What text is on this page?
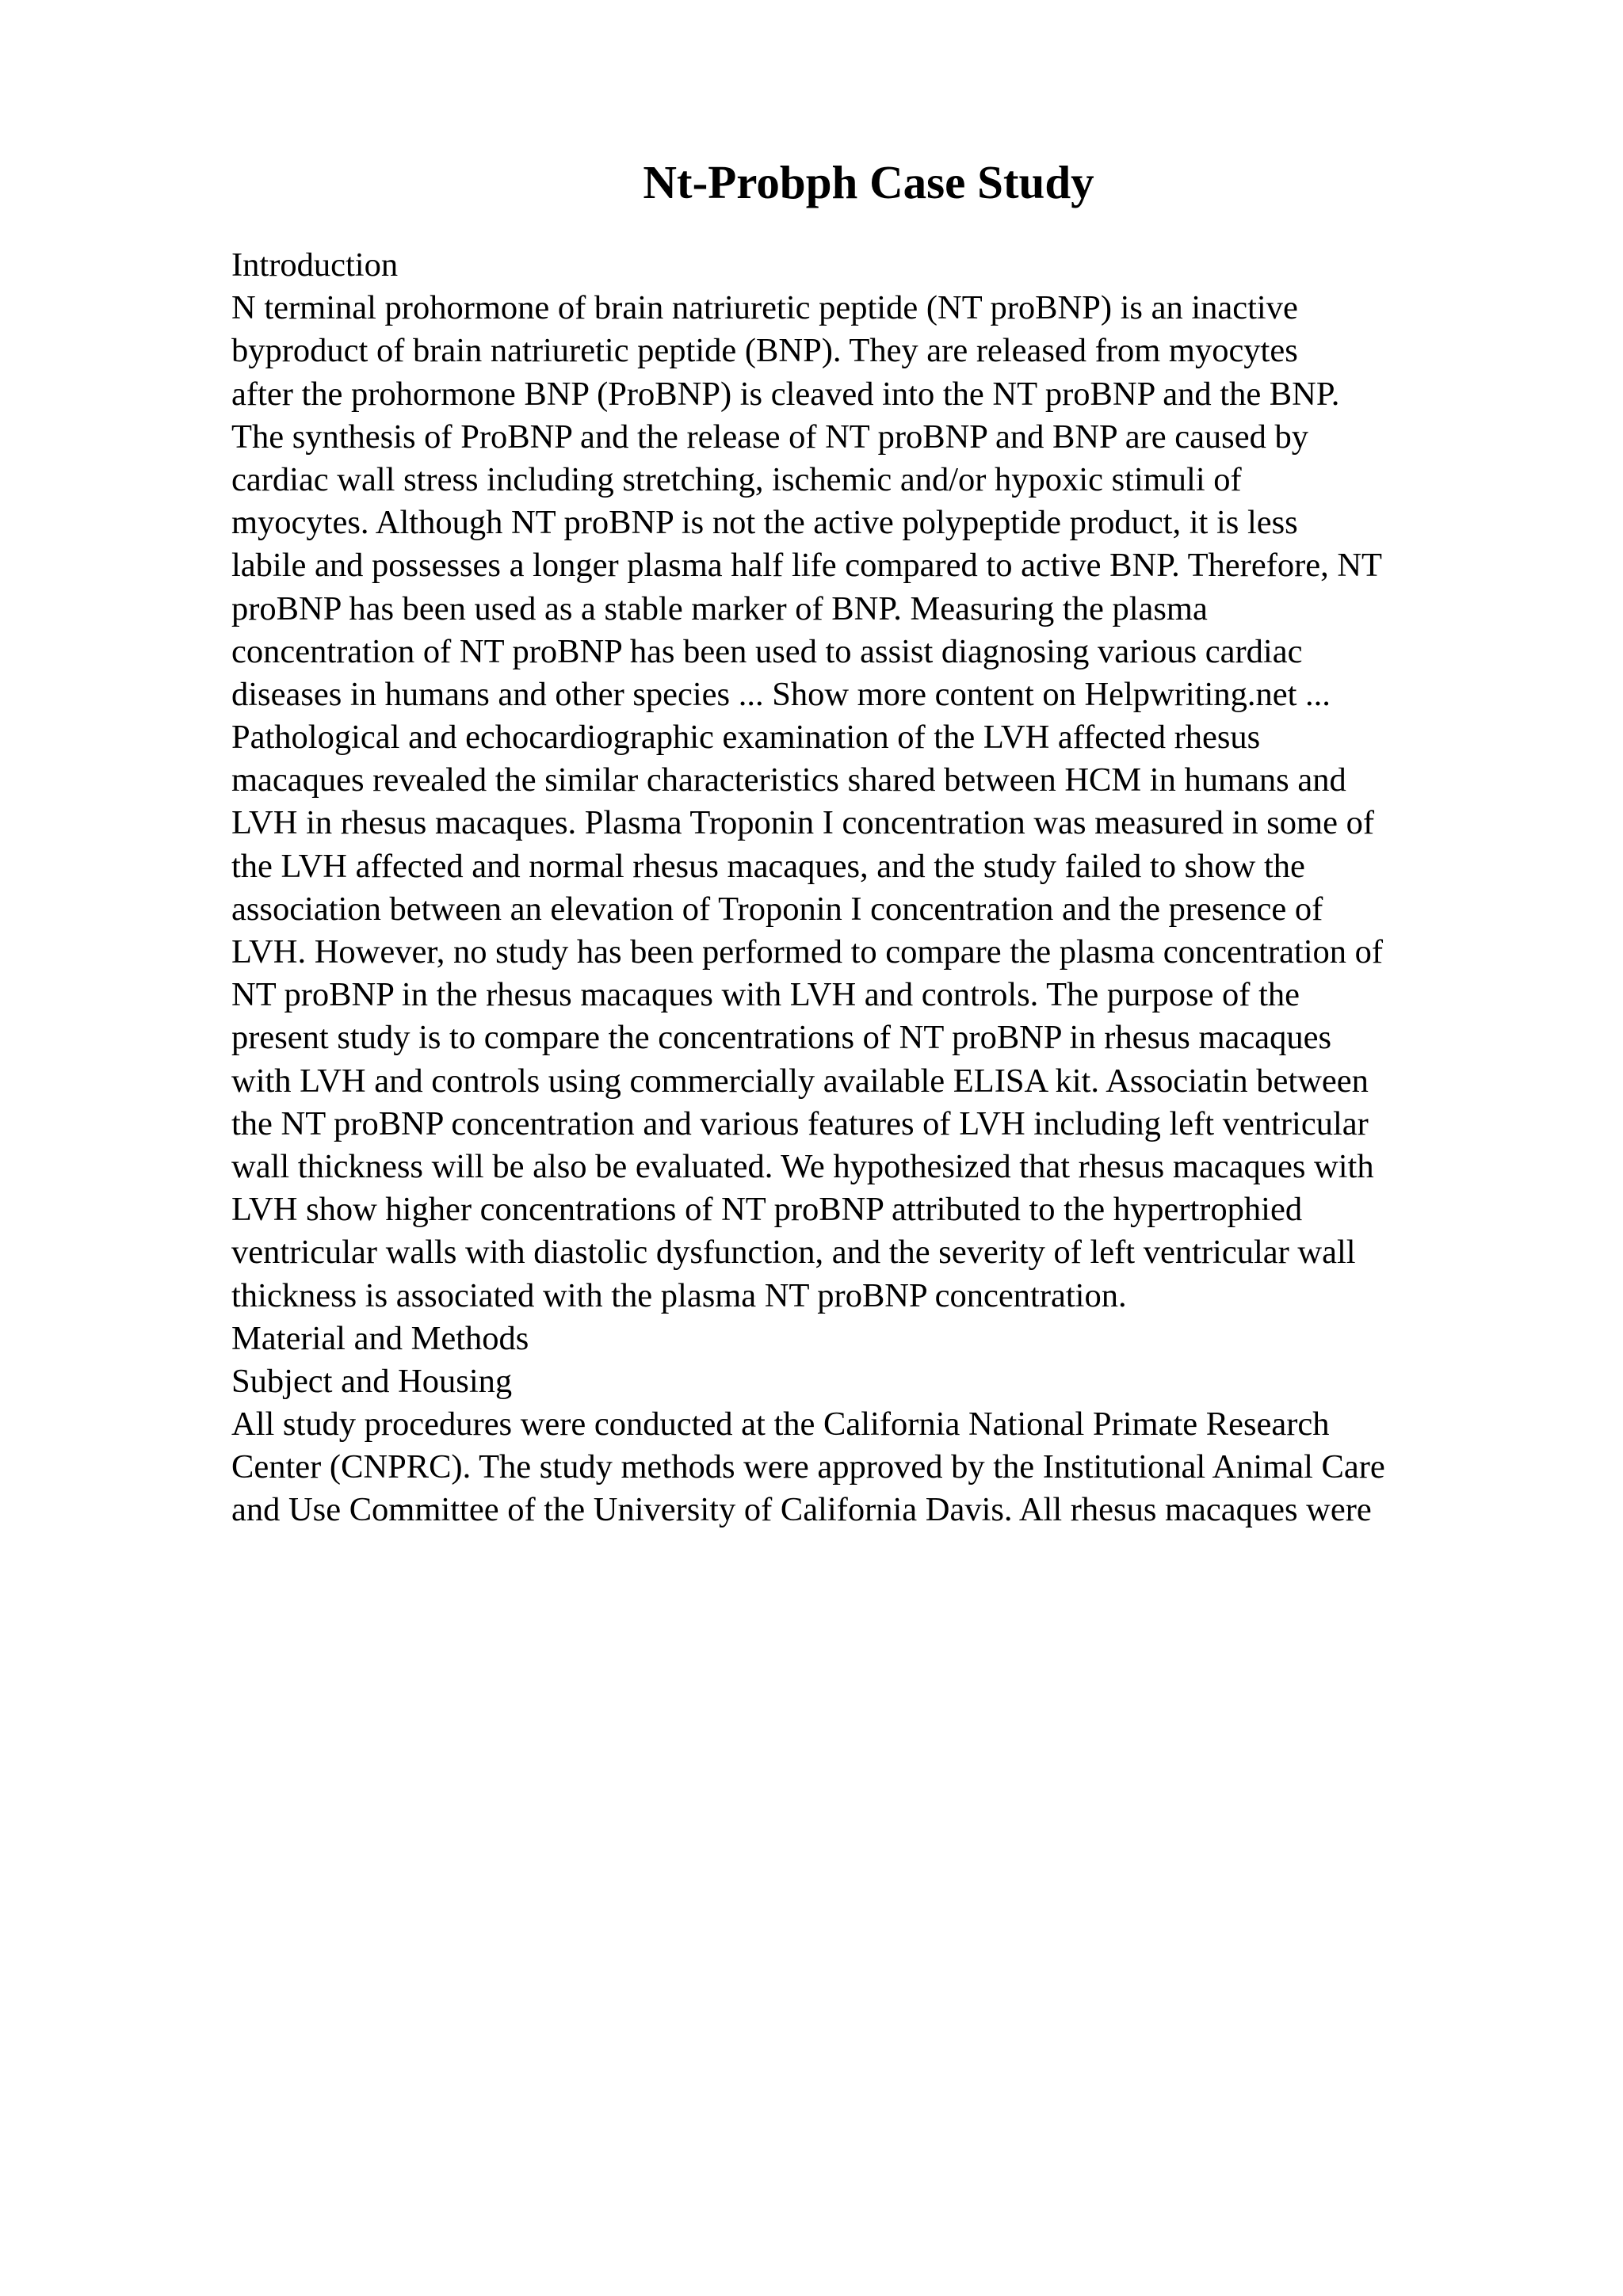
Nt-Probph Case Study
Introduction
N terminal prohormone of brain natriuretic peptide (NT proBNP) is an inactive
byproduct of brain natriuretic peptide (BNP). They are released from myocytes
after the prohormone BNP (ProBNP) is cleaved into the NT proBNP and the BNP.
The synthesis of ProBNP and the release of NT proBNP and BNP are caused by
cardiac wall stress including stretching, ischemic and/or hypoxic stimuli of
myocytes. Although NT proBNP is not the active polypeptide product, it is less
labile and possesses a longer plasma half life compared to active BNP. Therefore, NT
proBNP has been used as a stable marker of BNP. Measuring the plasma
concentration of NT proBNP has been used to assist diagnosing various cardiac
diseases in humans and other species ... Show more content on Helpwriting.net ...
Pathological and echocardiographic examination of the LVH affected rhesus
macaques revealed the similar characteristics shared between HCM in humans and
LVH in rhesus macaques. Plasma Troponin I concentration was measured in some of
the LVH affected and normal rhesus macaques, and the study failed to show the
association between an elevation of Troponin I concentration and the presence of
LVH. However, no study has been performed to compare the plasma concentration of
NT proBNP in the rhesus macaques with LVH and controls. The purpose of the
present study is to compare the concentrations of NT proBNP in rhesus macaques
with LVH and controls using commercially available ELISA kit. Associatin between
the NT proBNP concentration and various features of LVH including left ventricular
wall thickness will be also be evaluated. We hypothesized that rhesus macaques with
LVH show higher concentrations of NT proBNP attributed to the hypertrophied
ventricular walls with diastolic dysfunction, and the severity of left ventricular wall
thickness is associated with the plasma NT proBNP concentration.
Material and Methods
Subject and Housing
All study procedures were conducted at the California National Primate Research
Center (CNPRC). The study methods were approved by the Institutional Animal Care
and Use Committee of the University of California Davis. All rhesus macaques were
